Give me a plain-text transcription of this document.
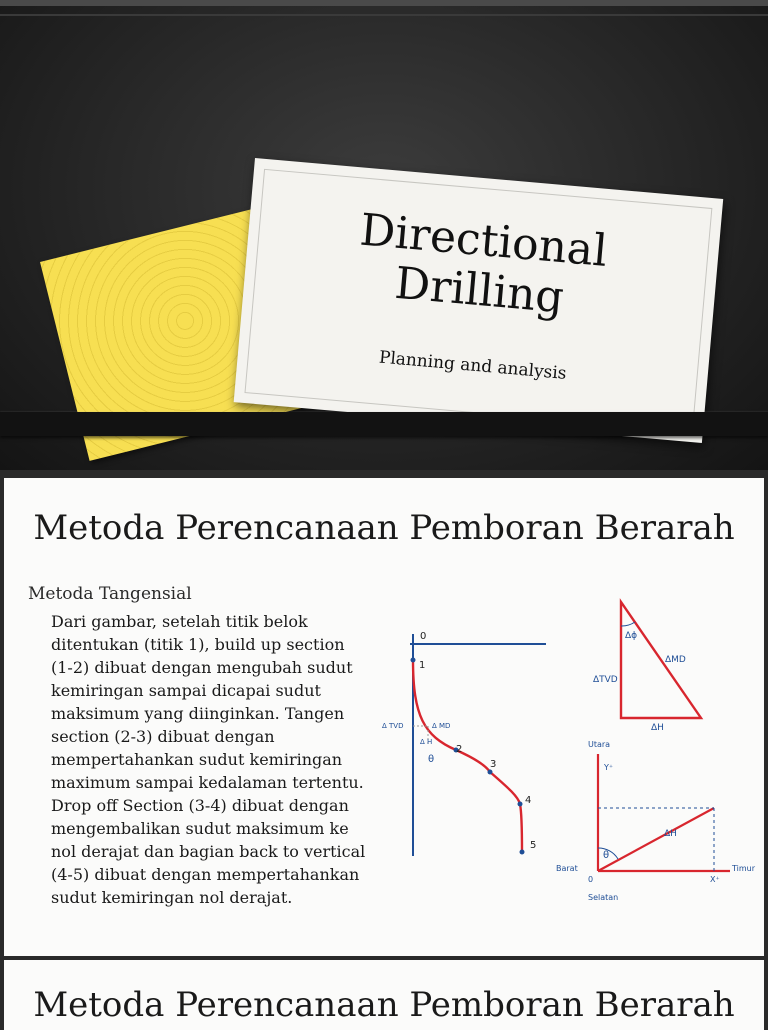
Directional
Drilling
Planning and analysis
Metoda Perencanaan Pemboran Berarah
Metoda Tangensial
Dari gambar, setelah titik belok ditentukan (titik 1), build up section (1-2) dibuat dengan mengubah sudut kemiringan sampai dicapai sudut maksimum yang diinginkan. Tangen section (2-3) dibuat dengan mempertahankan sudut kemiringan maximum sampai kedalaman tertentu. Drop off Section (3-4) dibuat dengan mengembalikan sudut maksimum ke nol derajat dan bagian back to vertical (4-5) dibuat dengan mempertahankan sudut kemiringan nol derajat.
0
1
2
3
4
5
Δ TVD	Δ MD
Δ H
θ
Δϕ
ΔMD
ΔTVD
ΔH
Utara
Y⁺
Barat
0
Timur
X⁺
Selatan
θ
ΔH
Metoda Perencanaan Pemboran Berarah
